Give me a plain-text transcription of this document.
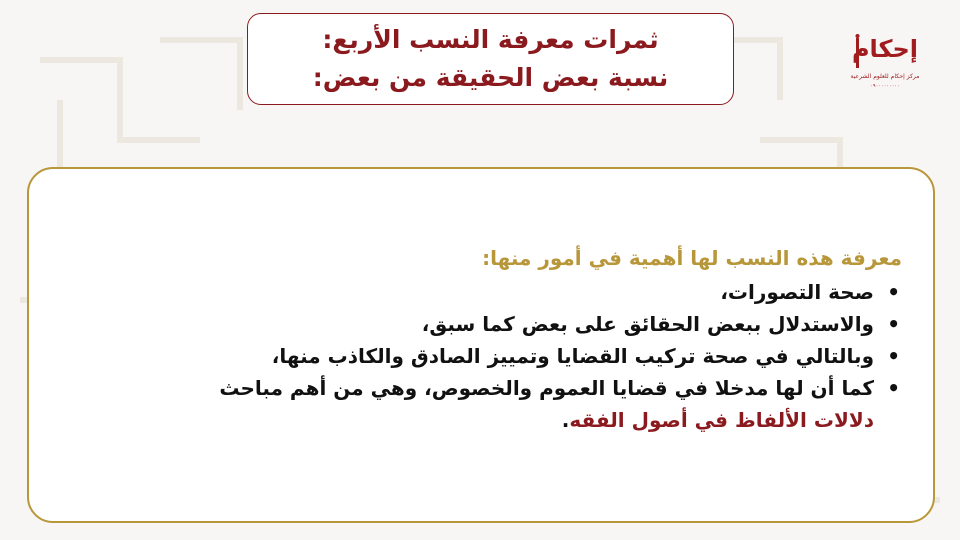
ثمرات معرفة النسب الأربع:
نسبة بعض الحقيقة من بعض:
إحكام
مركز إحكام للعلوم الشرعية
٠٩٠٠٠٠٠٠٠٠٠

معرفة هذه النسب لها أهمية في أمور منها:

•
صحة التصورات،
•
والاستدلال ببعض الحقائق على بعض كما سبق،
•
وبالتالي في صحة تركيب القضايا وتمييز الصادق والكاذب منها،
•
كما أن لها مدخلا في قضايا العموم والخصوص، وهي من أهم مباحث
دلالات الألفاظ في أصول الفقه.
